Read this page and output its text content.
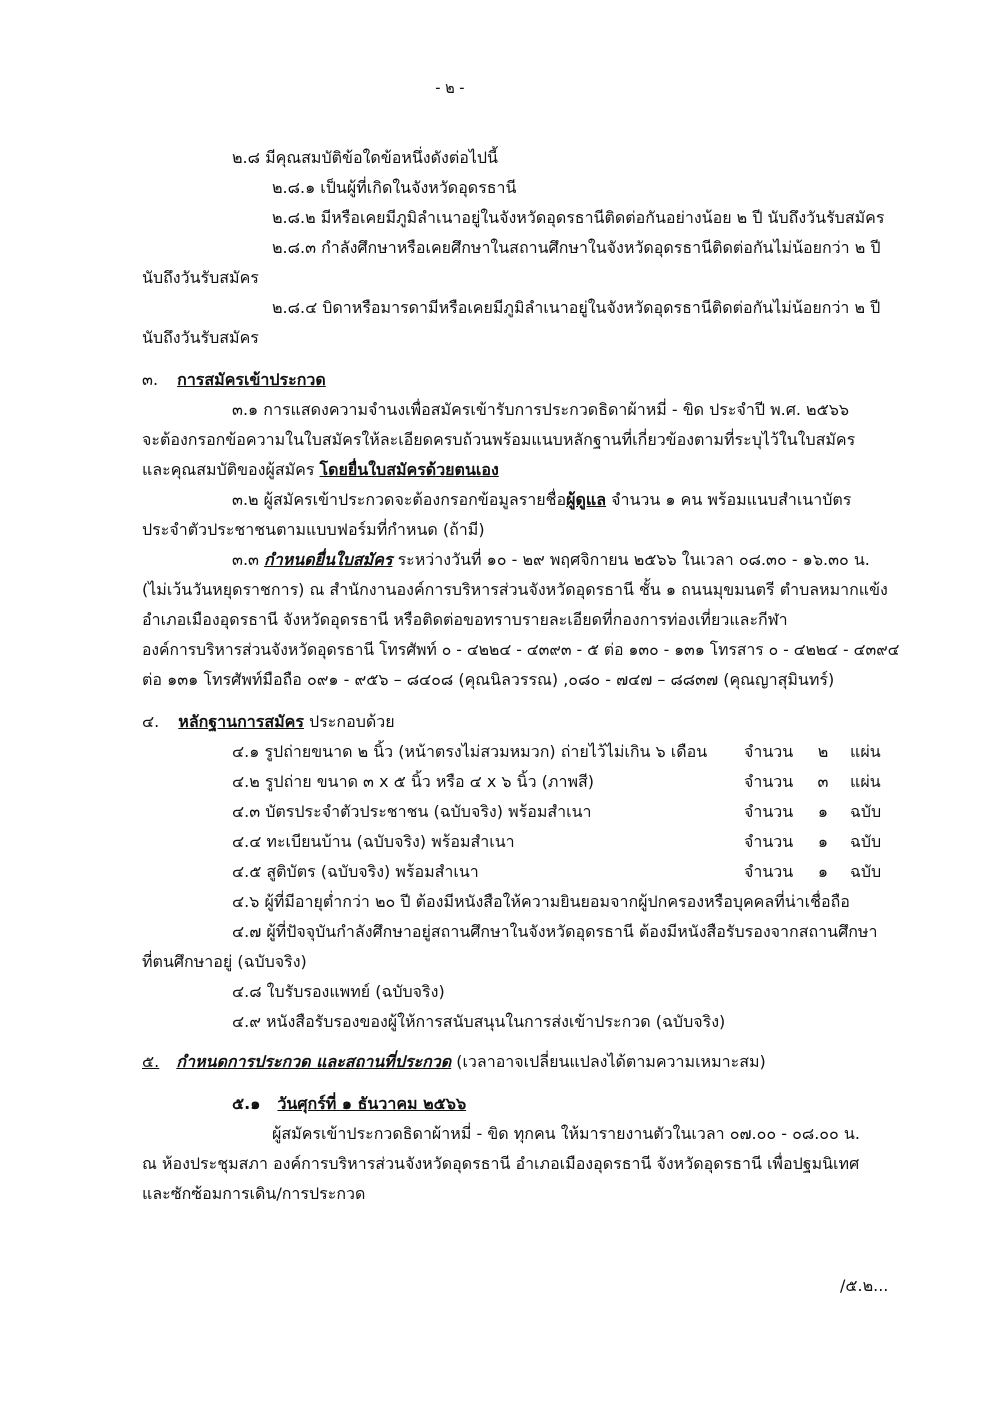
- ๒ -
๒.๘ มีคุณสมบัติข้อใดข้อหนึ่งดังต่อไปนี้
๒.๘.๑ เป็นผู้ที่เกิดในจังหวัดอุดรธานี
๒.๘.๒ มีหรือเคยมีภูมิลำเนาอยู่ในจังหวัดอุดรธานีติดต่อกันอย่างน้อย ๒ ปี นับถึงวันรับสมัคร
๒.๘.๓ กำลังศึกษาหรือเคยศึกษาในสถานศึกษาในจังหวัดอุดรธานีติดต่อกันไม่น้อยกว่า ๒ ปี
นับถึงวันรับสมัคร
๒.๘.๔ บิดาหรือมารดามีหรือเคยมีภูมิลำเนาอยู่ในจังหวัดอุดรธานีติดต่อกันไม่น้อยกว่า ๒ ปี
นับถึงวันรับสมัคร
๓. การสมัครเข้าประกวด
๓.๑ การแสดงความจำนงเพื่อสมัครเข้ารับการประกวดธิดาผ้าหมี่ - ขิด ประจำปี พ.ศ. ๒๕๖๖
จะต้องกรอกข้อความในใบสมัครให้ละเอียดครบถ้วนพร้อมแนบหลักฐานที่เกี่ยวข้องตามที่ระบุไว้ในใบสมัคร
และคุณสมบัติของผู้สมัคร โดยยื่นใบสมัครด้วยตนเอง
๓.๒ ผู้สมัครเข้าประกวดจะต้องกรอกข้อมูลรายชื่อผู้ดูแล จำนวน ๑ คน พร้อมแนบสำเนาบัตร
ประจำตัวประชาชนตามแบบฟอร์มที่กำหนด (ถ้ามี)
๓.๓ กำหนดยื่นใบสมัคร ระหว่างวันที่ ๑๐ - ๒๙ พฤศจิกายน ๒๕๖๖ ในเวลา ๐๘.๓๐ - ๑๖.๓๐ น.
(ไม่เว้นวันหยุดราชการ) ณ สำนักงานองค์การบริหารส่วนจังหวัดอุดรธานี ชั้น ๑ ถนนมุขมนตรี ตำบลหมากแข้ง
อำเภอเมืองอุดรธานี จังหวัดอุดรธานี หรือติดต่อขอทราบรายละเอียดที่กองการท่องเที่ยวและกีฬา
องค์การบริหารส่วนจังหวัดอุดรธานี โทรศัพท์ ๐ - ๔๒๒๔ - ๔๓๙๓ - ๕ ต่อ ๑๓๐ - ๑๓๑ โทรสาร ๐ - ๔๒๒๔ - ๔๓๙๔
ต่อ ๑๓๑ โทรศัพท์มือถือ ๐๙๑ - ๙๕๖ – ๘๔๐๘ (คุณนิลวรรณ) ,๐๘๐ - ๗๔๗ – ๘๘๓๗ (คุณญาสุมินทร์)
๔. หลักฐานการสมัคร ประกอบด้วย
๔.๑ รูปถ่ายขนาด ๒ นิ้ว (หน้าตรงไม่สวมหมวก) ถ่ายไว้ไม่เกิน ๖ เดือน จำนวน	๒	แผ่น
๔.๒ รูปถ่าย ขนาด ๓ x ๕ นิ้ว หรือ ๔ x ๖ นิ้ว (ภาพสี)	จำนวน	๓	แผ่น
๔.๓ บัตรประจำตัวประชาชน (ฉบับจริง) พร้อมสำเนา	จำนวน	๑	ฉบับ
๔.๔ ทะเบียนบ้าน (ฉบับจริง) พร้อมสำเนา	จำนวน	๑	ฉบับ
๔.๕ สูติบัตร (ฉบับจริง) พร้อมสำเนา	จำนวน	๑	ฉบับ
๔.๖ ผู้ที่มีอายุต่ำกว่า ๒๐ ปี ต้องมีหนังสือให้ความยินยอมจากผู้ปกครองหรือบุคคลที่น่าเชื่อถือ
๔.๗ ผู้ที่ปัจจุบันกำลังศึกษาอยู่สถานศึกษาในจังหวัดอุดรธานี ต้องมีหนังสือรับรองจากสถานศึกษา
ที่ตนศึกษาอยู่ (ฉบับจริง)
๔.๘ ใบรับรองแพทย์ (ฉบับจริง)
๔.๙ หนังสือรับรองของผู้ให้การสนับสนุนในการส่งเข้าประกวด (ฉบับจริง)
๕. กำหนดการประกวด และสถานที่ประกวด (เวลาอาจเปลี่ยนแปลงได้ตามความเหมาะสม)
๕.๑ วันศุกร์ที่ ๑ ธันวาคม ๒๕๖๖
ผู้สมัครเข้าประกวดธิดาผ้าหมี่ - ขิด ทุกคน ให้มารายงานตัวในเวลา ๐๗.๐๐ - ๐๘.๐๐ น.
ณ ห้องประชุมสภา องค์การบริหารส่วนจังหวัดอุดรธานี อำเภอเมืองอุดรธานี จังหวัดอุดรธานี เพื่อปฐมนิเทศ
และซักซ้อมการเดิน/การประกวด
/๕.๒...
